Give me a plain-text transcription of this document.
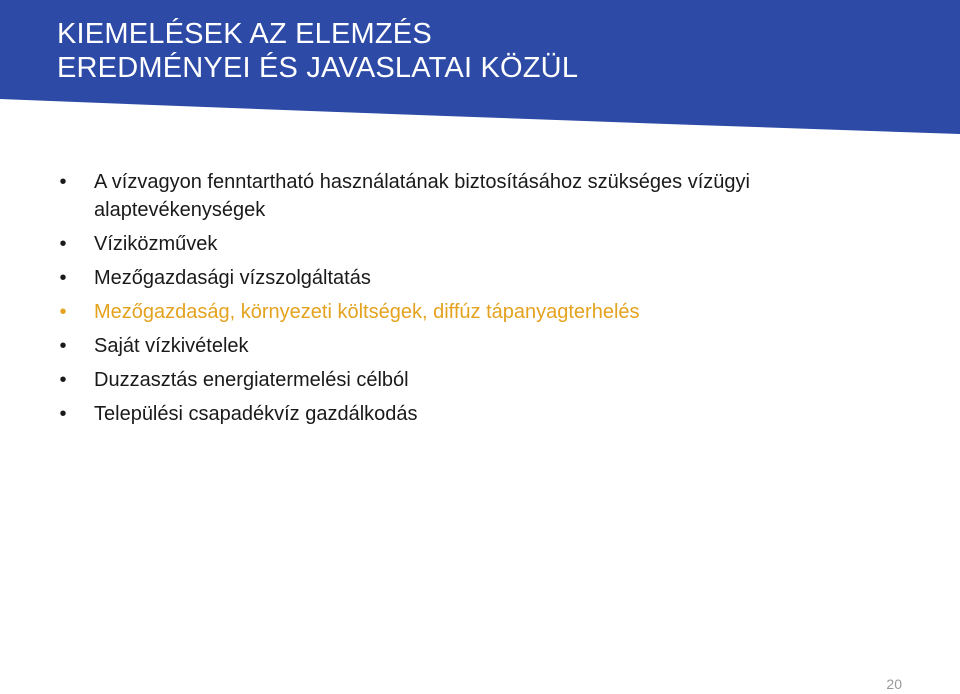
KIEMELÉSEK AZ ELEMZÉS
EREDMÉNYEI ÉS JAVASLATAI KÖZÜL
• A vízvagyon fenntartható használatának biztosításához szükséges vízügyi alaptevékenységek
• Víziközművek
• Mezőgazdasági vízszolgáltatás
• Mezőgazdaság, környezeti költségek, diffúz tápanyagterhelés
• Saját vízkivételek
• Duzzasztás energiatermelési célból
• Települési csapadékvíz gazdálkodás
20
